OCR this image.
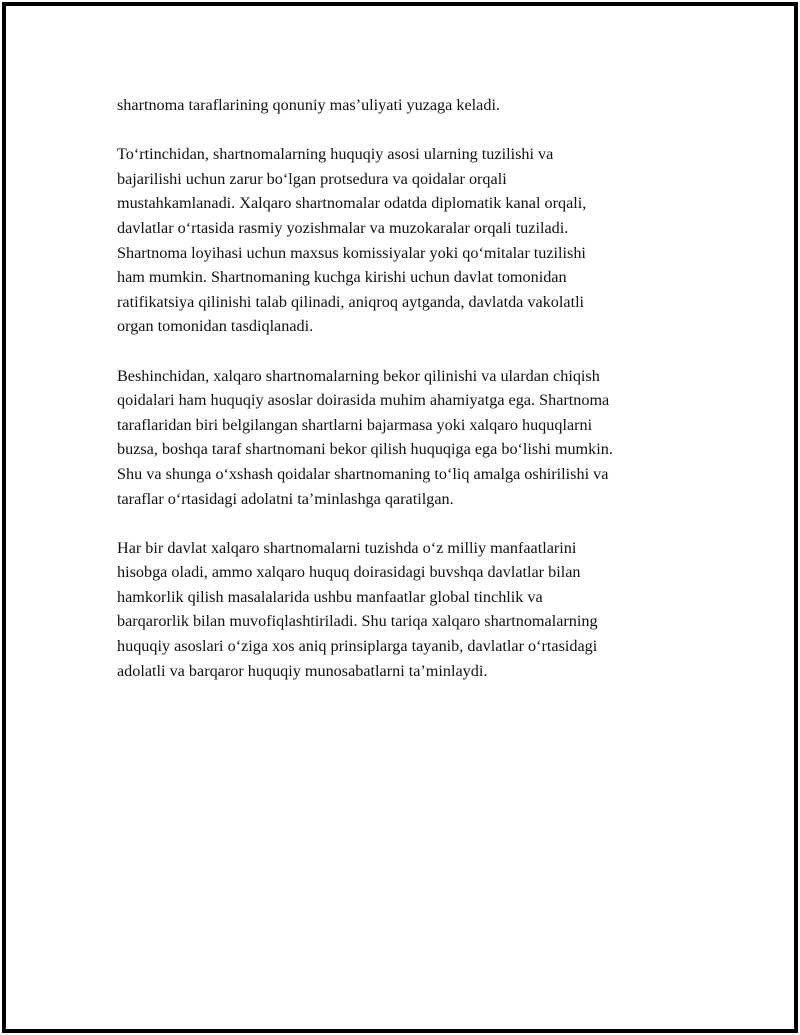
shartnoma taraflarining qonuniy mas’uliyati yuzaga keladi.

To‘rtinchidan, shartnomalarning huquqiy asosi ularning tuzilishi va
bajarilishi uchun zarur bo‘lgan protsedura va qoidalar orqali
mustahkamlanadi. Xalqaro shartnomalar odatda diplomatik kanal orqali,
davlatlar o‘rtasida rasmiy yozishmalar va muzokaralar orqali tuziladi.
Shartnoma loyihasi uchun maxsus komissiyalar yoki qo‘mitalar tuzilishi
ham mumkin. Shartnomaning kuchga kirishi uchun davlat tomonidan
ratifikatsiya qilinishi talab qilinadi, aniqroq aytganda, davlatda vakolatli
organ tomonidan tasdiqlanadi.

Beshinchidan, xalqaro shartnomalarning bekor qilinishi va ulardan chiqish
qoidalari ham huquqiy asoslar doirasida muhim ahamiyatga ega. Shartnoma
taraflaridan biri belgilangan shartlarni bajarmasa yoki xalqaro huquqlarni
buzsa, boshqa taraf shartnomani bekor qilish huquqiga ega bo‘lishi mumkin.
Shu va shunga o‘xshash qoidalar shartnomaning to‘liq amalga oshirilishi va
taraflar o‘rtasidagi adolatni ta’minlashga qaratilgan.

Har bir davlat xalqaro shartnomalarni tuzishda o‘z milliy manfaatlarini
hisobga oladi, ammo xalqaro huquq doirasidagi buvshqa davlatlar bilan
hamkorlik qilish masalalarida ushbu manfaatlar global tinchlik va
barqarorlik bilan muvofiqlashtiriladi. Shu tariqa xalqaro shartnomalarning
huquqiy asoslari o‘ziga xos aniq prinsiplarga tayanib, davlatlar o‘rtasidagi
adolatli va barqaror huquqiy munosabatlarni ta’minlaydi.
